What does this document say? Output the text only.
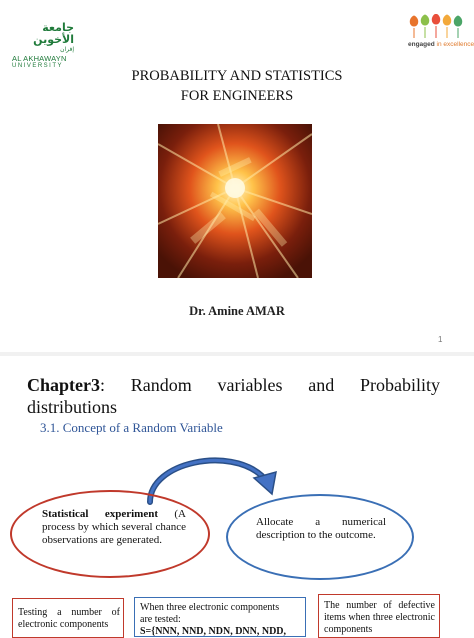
جامعة الأخوين
إفران
AL AKHAWAYN
UNIVERSITY
engaged in excellence
PROBABILITY AND STATISTICS
FOR ENGINEERS
Dr. Amine AMAR
1
Chapter3: Random variables and Probability
distributions
3.1. Concept of a Random Variable
Statistical experiment (A process by which several chance observations are generated.
Allocate a numerical description to the outcome.
Testing a number of electronic components
When three electronic components
are tested:
S={NNN, NND, NDN, DNN, NDD,
The number of defective items when three electronic components
